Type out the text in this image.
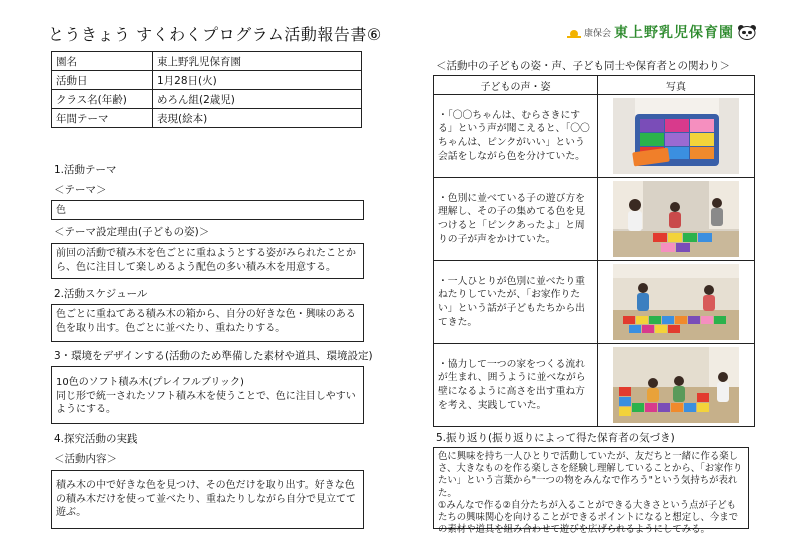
とうきょう すくわくプログラム活動報告書⑥	康保会 東上野乳児保育園
園名	東上野乳児保育園
活動日	1月28日(火)
クラス名(年齢)	めろん組(2歳児)
年間テーマ	表現(絵本)
1.活動テーマ
＜テーマ＞
色
＜テーマ設定理由(子どもの姿)＞
前回の活動で積み木を色ごとに重ねようとする姿がみられたことから、色に注目して楽しめるよう配色の多い積み木を用意する。
2.活動スケジュール
色ごとに重ねてある積み木の箱から、自分の好きな色・興味のある色を取り出す。色ごとに並べたり、重ねたりする。
3・環境をデザインする(活動のため準備した素材や道具、環境設定)
10色のソフト積み木(プレイフルブリック)
同じ形で統一されたソフト積み木を使うことで、色に注目しやすいようにする。
4.探究活動の実践
＜活動内容＞
積み木の中で好きな色を見つけ、その色だけを取り出す。好きな色の積み木だけを使って並べたり、重ねたりしながら自分で見立てて遊ぶ。
＜活動中の子どもの姿・声、子ども同士や保育者との関わり＞
子どもの声・姿	写真
・「〇〇ちゃんは、むらさきにする」という声が聞こえると、「〇〇ちゃんは、ピンクがいい」という会話をしながら色を分けていた。	

・色別に並べている子の遊び方を理解し、その子の集めてる色を見つけると「ピンクあったよ」と周りの子が声をかけていた。	

・一人ひとりが色別に並べたり重ねたりしていたが、「お家作りたい」という話が子どもたちから出てきた。	

・協力して一つの家をつくる流れが生まれ、囲うように並べながら壁になるように高さを出す重ね方を考え、実践していた。	
5.振り返り(振り返りによって得た保育者の気づき)
色に興味を持ち一人ひとりで活動していたが、友だちと一緒に作る楽しさ、大きなものを作る楽しさを経験し理解していることから、「お家作りたい」という言葉から"一つの物をみんなで作ろう"という気持ちが表れた。
①みんなで作る②自分たちが入ることができる大きさという点が子どもたちの興味関心を向けることができるポイントになると想定し、今までの素材や道具を組み合わせて遊びを広げられるようにしてみる。
